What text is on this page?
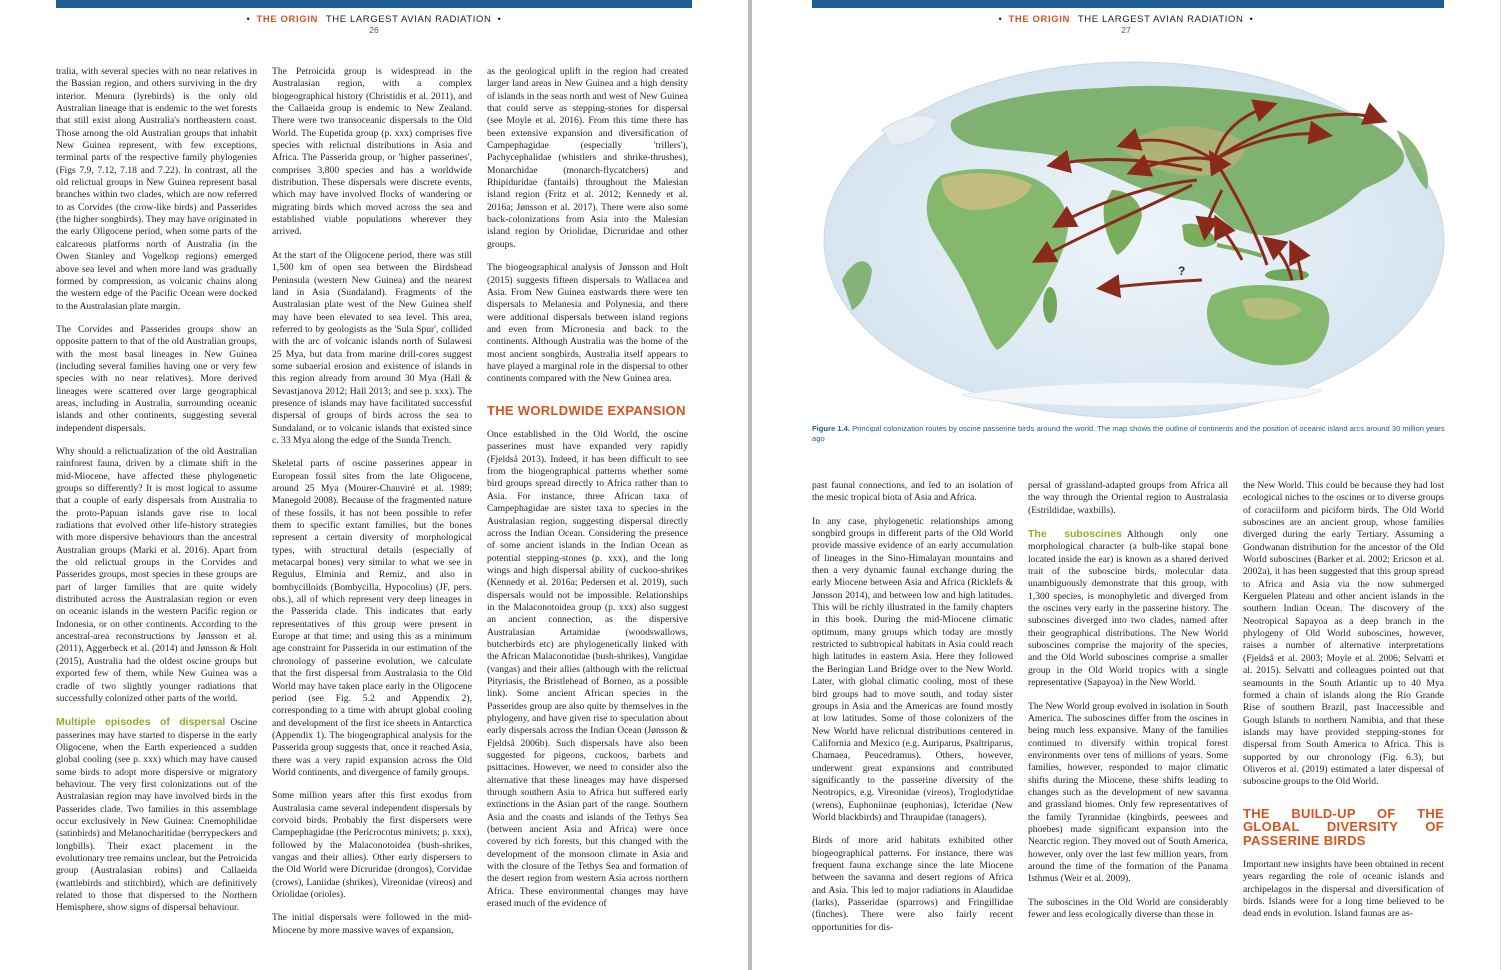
• THE ORIGIN THE LARGEST AVIAN RADIATION •
26

tralia, with several species with no near relatives in the Bassian region, and others surviving in the dry interior. Menura (lyrebirds) is the only old Australian lineage that is endemic to the wet forests that still exist along Australia's northeastern coast. Those among the old Australian groups that inhabit New Guinea represent, with few exceptions, terminal parts of the respective family phylogenies (Figs 7.9, 7.12, 7.18 and 7.22). In contrast, all the old relictual groups in New Guinea represent basal branches within two clades, which are now referred to as Corvides (the crow-like birds) and Passerides (the higher songbirds). They may have originated in the early Oligocene period, when some parts of the calcareous platforms north of Australia (in the Owen Stanley and Vogelkop regions) emerged above sea level and when more land was gradually formed by compression, as volcanic chains along the western edge of the Pacific Ocean were docked to the Australasian plate margin.

The Corvides and Passerides groups show an opposite pattern to that of the old Australian groups, with the most basal lineages in New Guinea (including several families having one or very few species with no near relatives). More derived lineages were scattered over large geographical areas, including in Australia, surrounding oceanic islands and other continents, suggesting several independent dispersals.

Why should a relictualization of the old Australian rainforest fauna, driven by a climate shift in the mid-Miocene, have affected these phylogenetic groups so differently? It is most logical to assume that a couple of early dispersals from Australia to the proto-Papuan islands gave rise to local radiations that evolved other life-history strategies with more dispersive behaviours than the ancestral Australian groups (Marki et al. 2016). Apart from the old relictual groups in the Corvides and Passerides groups, most species in these groups are part of larger families that are quite widely distributed across the Australasian region or even on oceanic islands in the western Pacific region or Indonesia, or on other continents. According to the ancestral-area reconstructions by Jønsson et al. (2011), Aggerbeck et al. (2014) and Jønsson & Holt (2015), Australia had the oldest oscine groups but exported few of them, while New Guinea was a cradle of two slightly younger radiations that successfully colonized other parts of the world.

Multiple episodes of dispersal Oscine passerines may have started to disperse in the early Oligocene, when the Earth experienced a sudden global cooling (see p. xxx) which may have caused some birds to adopt more dispersive or migratory behaviour. The very first colonizations out of the Australasian region may have involved birds in the Passerides clade. Two families in this assemblage occur exclusively in New Guinea: Cnemophilidae (satinbirds) and Melanocharitidae (berrypeckers and longbills). Their exact placement in the evolutionary tree remains unclear, but the Petroicida group (Australasian robins) and Callaeida (wattlebirds and stitchbird), which are definitively related to those that dispersed to the Northern Hemisphere, show signs of dispersal behaviour.

The Petroicida group is widespread in the Australasian region, with a complex biogeographical history (Christidis et al. 2011), and the Callaeida group is endemic to New Zealand. There were two transoceanic dispersals to the Old World. The Eupetida group (p. xxx) comprises five species with relictual distributions in Asia and Africa. The Passerida group, or 'higher passerines', comprises 3,800 species and has a worldwide distribution. These dispersals were discrete events, which may have involved flocks of wandering or migrating birds which moved across the sea and established viable populations wherever they arrived.

At the start of the Oligocene period, there was still 1,500 km of open sea between the Birdshead Peninsula (western New Guinea) and the nearest land in Asia (Sundaland). Fragments of the Australasian plate west of the New Guinea shelf may have been elevated to sea level. This area, referred to by geologists as the 'Sula Spur', collided with the arc of volcanic islands north of Sulawesi 25 Mya, but data from marine drill-cores suggest some subaerial erosion and existence of islands in this region already from around 30 Mya (Hall & Sevastjanova 2012; Hall 2013; and see p. xxx). The presence of islands may have facilitated successful dispersal of groups of birds across the sea to Sundaland, or to volcanic islands that existed since c. 33 Mya along the edge of the Sunda Trench.

Skeletal parts of oscine passerines appear in European fossil sites from the late Oligocene, around 25 Mya (Mourer-Chauviré et al. 1989; Manegold 2008). Because of the fragmented nature of these fossils, it has not been possible to refer them to specific extant families, but the bones represent a certain diversity of morphological types, with structural details (especially of metacarpal bones) very similar to what we see in Regulus, Elminia and Remiz, and also in bombycilloids (Bombycilla, Hypocolius) (JF, pers. obs.), all of which represent very deep lineages in the Passerida clade. This indicates that early representatives of this group were present in Europe at that time; and using this as a minimum age constraint for Passerida in our estimation of the chronology of passerine evolution, we calculate that the first dispersal from Australasia to the Old World may have taken place early in the Oligocene period (see Fig. 5.2 and Appendix 2), corresponding to a time with abrupt global cooling and development of the first ice sheets in Antarctica (Appendix 1). The biogeographical analysis for the Passerida group suggests that, once it reached Asia, there was a very rapid expansion across the Old World continents, and divergence of family groups.

Some million years after this first exodus from Australasia came several independent dispersals by corvoid birds. Probably the first dispersers were Campephagidae (the Pericrocotus minivets; p. xxx), followed by the Malaconotoidea (bush-shrikes, vangas and their allies). Other early dispersers to the Old World were Dicruridae (drongos), Corvidae (crows), Laniidae (shrikes), Vireonidae (vireos) and Oriolidae (orioles).

The initial dispersals were followed in the mid-Miocene by more massive waves of expansion,

as the geological uplift in the region had created larger land areas in New Guinea and a high density of islands in the seas north and west of New Guinea that could serve as stepping-stones for dispersal (see Moyle et al. 2016). From this time there has been extensive expansion and diversification of Campephagidae (especially 'trillers'), Pachycephalidae (whistlers and shrike-thrushes), Monarchidae (monarch-flycatchers) and Rhipiduridae (fantails) throughout the Malesian island region (Fritz et al. 2012; Kennedy et al. 2016a; Jønsson et al. 2017). There were also some back-colonizations from Asia into the Malesian island region by Oriolidae, Dicruridae and other groups.

The biogeographical analysis of Jønsson and Holt (2015) suggests fifteen dispersals to Wallacea and Asia. From New Guinea eastwards there were ten dispersals to Melanesia and Polynesia, and there were additional dispersals between island regions and even from Micronesia and back to the continents. Although Australia was the home of the most ancient songbirds, Australia itself appears to have played a marginal role in the dispersal to other continents compared with the New Guinea area.

THE WORLDWIDE EXPANSION

Once established in the Old World, the oscine passerines must have expanded very rapidly (Fjeldså 2013). Indeed, it has been difficult to see from the biogeographical patterns whether some bird groups spread directly to Africa rather than to Asia. For instance, three African taxa of Campephagidae are sister taxa to species in the Australasian region, suggesting dispersal directly across the Indian Ocean. Considering the presence of some ancient islands in the Indian Ocean as potential stepping-stones (p. xxx), and the long wings and high dispersal ability of cuckoo-shrikes (Kennedy et al. 2016a; Pedersen et al. 2019), such dispersals would not be impossible. Relationships in the Malaconotoidea group (p. xxx) also suggest an ancient connection, as the dispersive Australasian Artamidae (woodswallows, butcherbirds etc) are phylogenetically linked with the African Malaconotidae (bush-shrikes), Vangidae (vangas) and their allies (although with the relictual Pityriasis, the Bristlehead of Borneo, as a possible link). Some ancient African species in the Passerides group are also quite by themselves in the phylogeny, and have given rise to speculation about early dispersals across the Indian Ocean (Jønsson & Fjeldså 2006b). Such dispersals have also been suggested for pigeons, cuckoos, barbets and psittacines. However, we need to consider also the alternative that these lineages may have dispersed through southern Asia to Africa but suffered early extinctions in the Asian part of the range. Southern Asia and the coasts and islands of the Tethys Sea (between ancient Asia and Africa) were once covered by rich forests, but this changed with the development of the monsoon climate in Asia and with the closure of the Tethys Sea and formation of the desert region from western Asia across northern Africa. These environmental changes may have erased much of the evidence of

• THE ORIGIN THE LARGEST AVIAN RADIATION •
27
?
Figure 1.4. Principal colonization routes by oscine passerine birds around the world. The map shows the outline of continents and the position of oceanic island arcs around 30 million years ago

past faunal connections, and led to an isolation of the mesic tropical biota of Asia and Africa.

In any case, phylogenetic relationships among songbird groups in different parts of the Old World provide massive evidence of an early accumulation of lineages in the Sino-Himalayan mountains and then a very dynamic faunal exchange during the early Miocene between Asia and Africa (Ricklefs & Jønsson 2014), and between low and high latitudes. This will be richly illustrated in the family chapters in this book. During the mid-Miocene climatic optimum, many groups which today are mostly restricted to subtropical habitats in Asia could reach high latitudes in eastern Asia. Here they followed the Beringian Land Bridge over to the New World. Later, with global climatic cooling, most of these bird groups had to move south, and today sister groups in Asia and the Americas are found mostly at low latitudes. Some of those colonizers of the New World have relictual distributions centered in California and Mexico (e.g. Auriparus, Psaltriparus, Chamaea, Peucedramus). Others, however, underwent great expansions and contributed significantly to the passerine diversity of the Neotropics, e.g. Vireonidae (vireos), Troglodytidae (wrens), Euphoniinae (euphonias), Icteridae (New World blackbirds) and Thraupidae (tanagers).

Birds of more arid habitats exhibited other biogeographical patterns. For instance, there was frequent fauna exchange since the late Miocene between the savanna and desert regions of Africa and Asia. This led to major radiations in Alaudidae (larks), Passeridae (sparrows) and Fringillidae (finches). There were also fairly recent opportunities for dis-

persal of grassland-adapted groups from Africa all the way through the Oriental region to Australasia (Estrildidae, waxbills).

The suboscines Although only one morphological character (a bulb-like stapal bone located inside the ear) is known as a shared derived trait of the suboscine birds, molecular data unambiguously demonstrate that this group, with 1,300 species, is monophyletic and diverged from the oscines very early in the passerine history. The suboscines diverged into two clades, named after their geographical distributions. The New World suboscines comprise the majority of the species, and the Old World suboscines comprise a smaller group in the Old World tropics with a single representative (Sapayoa) in the New World.

The New World group evolved in isolation in South America. The suboscines differ from the oscines in being much less expansive. Many of the families continued to diversify within tropical forest environments over tens of millions of years. Some families, however, responded to major climatic shifts during the Miocene, these shifts leading to changes such as the development of new savanna and grassland biomes. Only few representatives of the family Tyrannidae (kingbirds, peewees and phoebes) made significant expansion into the Nearctic region. They moved out of South America, however, only over the last few million years, from around the time of the formation of the Panama Isthmus (Weir et al. 2009).

The suboscines in the Old World are considerably fewer and less ecologically diverse than those in

the New World. This could be because they had lost ecological niches to the oscines or to diverse groups of coraciiform and piciform birds. The Old World suboscines are an ancient group, whose families diverged during the early Tertiary. Assuming a Gondwanan distribution for the ancestor of the Old World suboscines (Barker et al. 2002; Ericson et al. 2002a), it has been suggested that this group spread to Africa and Asia via the now submerged Kerguelen Plateau and other ancient islands in the southern Indian Ocean. The discovery of the Neotropical Sapayoa as a deep branch in the phylogeny of Old World suboscines, however, raises a number of alternative interpretations (Fjeldså et al. 2003; Moyle et al. 2006; Selvatti et al. 2015). Selvatti and colleagues pointed out that seamounts in the South Atlantic up to 40 Mya formed a chain of islands along the Río Grande Rise of southern Brazil, past Inaccessible and Gough Islands to northern Namibia, and that these islands may have provided stepping-stones for dispersal from South America to Africa. This is supported by our chronology (Fig. 6.3), but Oliveros et al. (2019) estimated a later dispersal of suboscine groups to the Old World.

THE BUILD-UP OF THE GLOBAL DIVERSITY OF PASSERINE BIRDS

Important new insights have been obtained in recent years regarding the role of oceanic islands and archipelagos in the dispersal and diversification of birds. Islands were for a long time believed to be dead ends in evolution. Island faunas are as-
